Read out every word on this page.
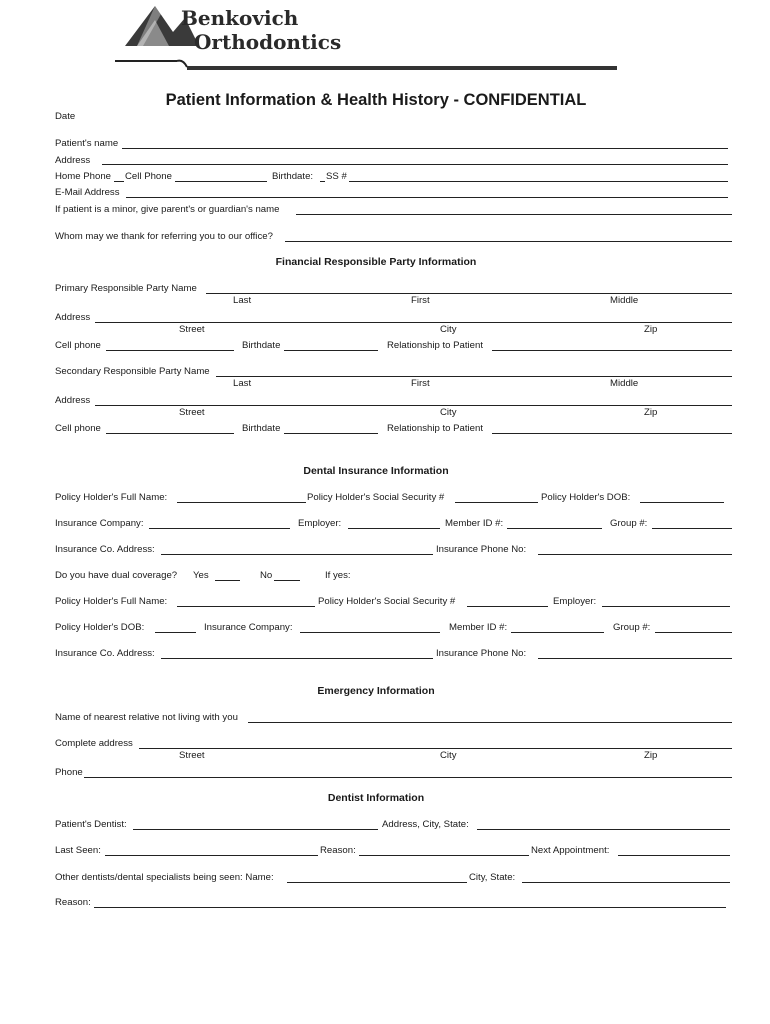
Benkovich
Orthodontics
Patient Information & Health History - CONFIDENTIAL
Date
Patient's name
Address
Home Phone Cell Phone	Birthdate: SS #
E-Mail Address
If patient is a minor, give parent's or guardian's name
Whom may we thank for referring you to our office?
Financial Responsible Party Information
Primary Responsible Party Name
Last	First	Middle
Address
Street	City	Zip
Cell phone	Birthdate	Relationship to Patient
Secondary Responsible Party Name
Last	First	Middle
Address
Street	City	Zip
Cell phone	Birthdate	Relationship to Patient
Dental Insurance Information
Policy Holder's Full Name:	Policy Holder's Social Security #	Policy Holder's DOB:
Insurance Company:	Employer:	Member ID #:	Group #:
Insurance Co. Address:	Insurance Phone No:
Do you have dual coverage? Yes	No	If yes:
Policy Holder's Full Name:	Policy Holder's Social Security #	Employer:
Policy Holder's DOB:	Insurance Company:	Member ID #:	Group #:
Insurance Co. Address:	Insurance Phone No:
Emergency Information
Name of nearest relative not living with you
Complete address
Street	City	Zip
Phone
Dentist Information
Patient's Dentist:	Address, City, State:
Last Seen:	Reason:	Next Appointment:
Other dentists/dental specialists being seen: Name:	City, State:
Reason:
